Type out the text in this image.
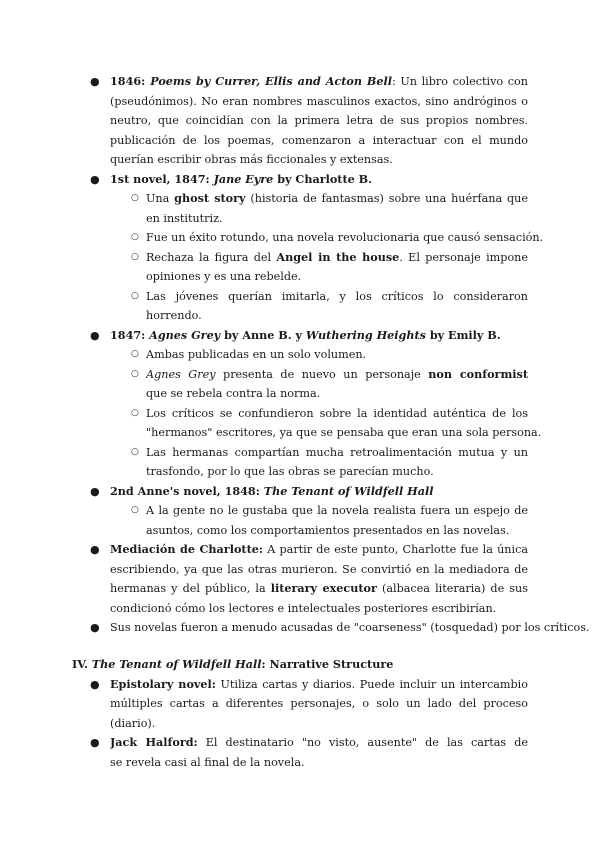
● 1846: Poems by Currer, Ellis and Acton Bell: Un libro colectivo con
(pseudónimos). No eran nombres masculinos exactos, sino andróginos o
neutro, que coincidían con la primera letra de sus propios nombres.
publicación de los poemas, comenzaron a interactuar con el mundo
querían escribir obras más ficcionales y extensas.
● 1st novel, 1847: Jane Eyre by Charlotte B.
○ Una ghost story (historia de fantasmas) sobre una huérfana que
en institutriz.
○ Fue un éxito rotundo, una novela revolucionaria que causó sensación.
○ Rechaza la figura del Angel in the house. El personaje impone
opiniones y es una rebelde.
○ Las jóvenes querían imitarla, y los críticos lo consideraron
horrendo.
● 1847: Agnes Grey by Anne B. y Wuthering Heights by Emily B.
○ Ambas publicadas en un solo volumen.
○ Agnes Grey presenta de nuevo un personaje non conformist
que se rebela contra la norma.
○ Los críticos se confundieron sobre la identidad auténtica de los
"hermanos" escritores, ya que se pensaba que eran una sola persona.
○ Las hermanas compartían mucha retroalimentación mutua y un
trasfondo, por lo que las obras se parecían mucho.
● 2nd Anne's novel, 1848: The Tenant of Wildfell Hall
○ A la gente no le gustaba que la novela realista fuera un espejo de
asuntos, como los comportamientos presentados en las novelas.
● Mediación de Charlotte: A partir de este punto, Charlotte fue la única
escribiendo, ya que las otras murieron. Se convirtió en la mediadora de
hermanas y del público, la literary executor (albacea literaria) de sus
condicionó cómo los lectores e intelectuales posteriores escribirían.
● Sus novelas fueron a menudo acusadas de "coarseness" (tosquedad) por los críticos.
IV. The Tenant of Wildfell Hall: Narrative Structure
● Epistolary novel: Utiliza cartas y diarios. Puede incluir un intercambio
múltiples cartas a diferentes personajes, o solo un lado del proceso
(diario).
● Jack Halford: El destinatario "no visto, ausente" de las cartas de
se revela casi al final de la novela.
